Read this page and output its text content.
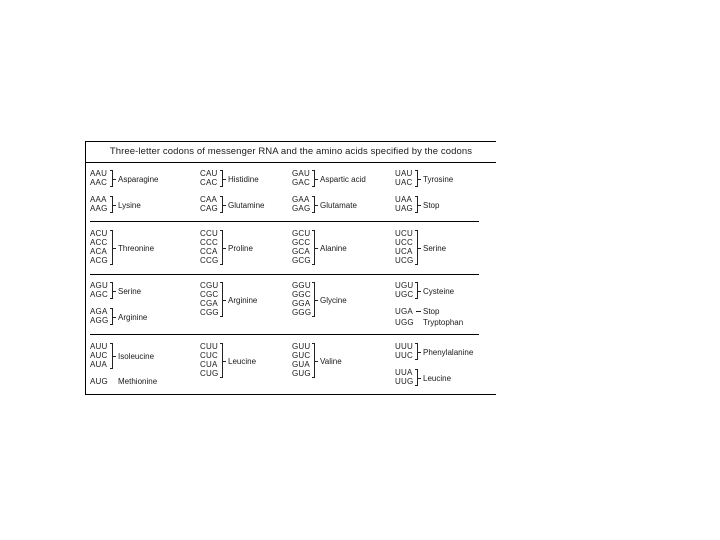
Three-letter codons of messenger RNA and the amino acids specified by the codons
AAU
AAC Asparagine
AAA
AAG Lysine
CAU
CAC Histidine
CAA
CAG Glutamine
GAU
GAC Aspartic acid
GAA
GAG Glutamate
UAU
UAC Tyrosine
UAA
UAG Stop
ACU
ACC
ACA
ACG
Threonine
CCU
CCC
CCA
CCG
Proline
GCU
GCC
GCA
GCG
Alanine
UCU
UCC
UCA
UCG
Serine
AGU
AGC Serine
AGA
AGG Arginine
CGU
CGC
CGA
CGG
Arginine
GGU
GGC
GGA
GGG
Glycine
UGU
UGC Cysteine
UGA Stop
UGG Tryptophan
AUU
AUC
AUA
Isoleucine
AUG Methionine
CUU
CUC
CUA
CUG
Leucine
GUU
GUC
GUA
GUG
Valine
UUU
UUC Phenylalanine
UUA
UUG Leucine
